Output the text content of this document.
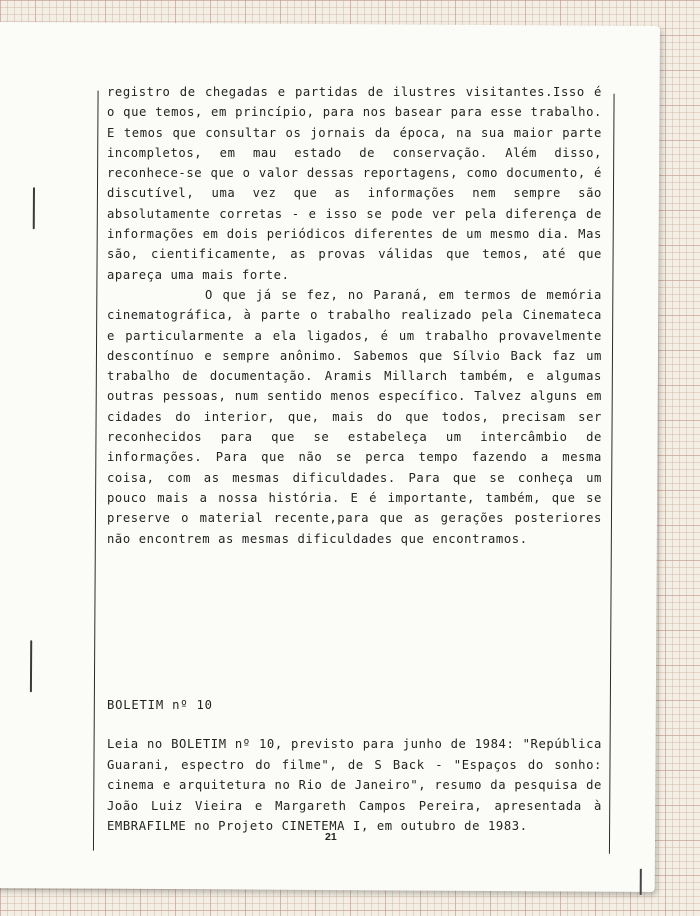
registro de chegadas e partidas de ilustres visitantes.Isso é o que temos, em princípio, para nos basear para esse trabalho. E temos que consultar os jornais da época, na sua maior parte incompletos, em mau estado de conservação. Além disso, reconhece-se que o valor dessas reportagens, como documento, é discutível, uma vez que as informações nem sempre são absolutamente corretas - e isso se pode ver pela diferença de informações em dois periódicos diferentes de um mesmo dia. Mas são, cientificamente, as provas válidas que temos, até que apareça uma mais forte.

O que já se fez, no Paraná, em termos de memória cinematográfica, à parte o trabalho realizado pela Cinemateca e particularmente a ela ligados, é um trabalho provavelmente descontínuo e sempre anônimo. Sabemos que Sílvio Back faz um trabalho de documentação. Aramis Millarch também, e algumas outras pessoas, num sentido menos específico. Talvez alguns em cidades do interior, que, mais do que todos, precisam ser reconhecidos para que se estabeleça um intercâmbio de informações. Para que não se perca tempo fazendo a mesma coisa, com as mesmas dificuldades. Para que se conheça um pouco mais a nossa história. E é importante, também, que se preserve o material recente,para que as gerações posteriores não encontrem as mesmas dificuldades que encontramos.

BOLETIM nº 10
Leia no BOLETIM nº 10, previsto para junho de 1984: "República Guarani, espectro do filme", de S Back - "Espaços do sonho: cinema e arquitetura no Rio de Janeiro", resumo da pesquisa de João Luiz Vieira e Margareth Campos Pereira, apresentada à EMBRAFILME no Projeto CINETEMA I, em outubro de 1983.
21
